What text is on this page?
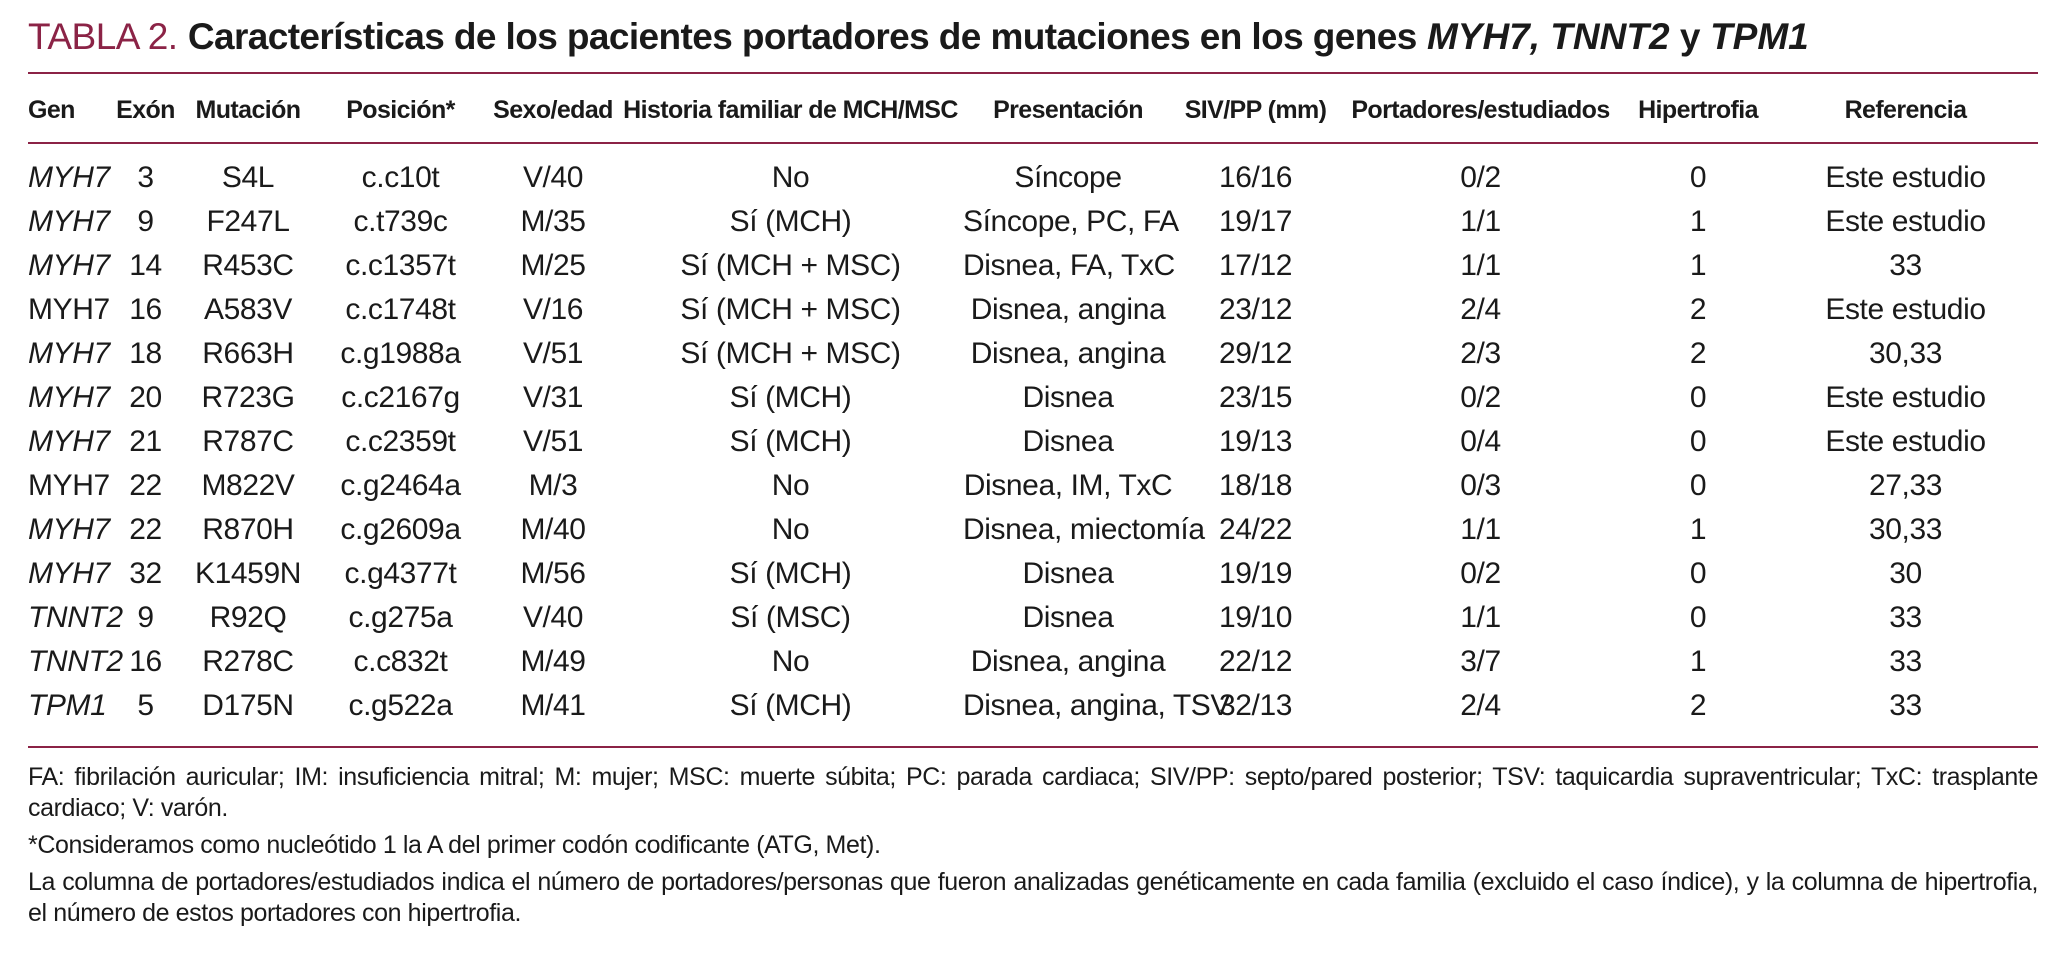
TABLA 2. Características de los pacientes portadores de mutaciones en los genes MYH7, TNNT2 y TPM1
Gen	Exón	Mutación	Posición*	Sexo/edad	Historia familiar de MCH/MSC	Presentación	SIV/PP (mm)	Portadores/estudiados	Hipertrofia	Referencia
MYH7	3	S4L	c.c10t	V/40	No	Síncope	16/16	0/2	0	Este estudio
MYH7	9	F247L	c.t739c	M/35	Sí (MCH)	Síncope, PC, FA	19/17	1/1	1	Este estudio
MYH7	14	R453C	c.c1357t	M/25	Sí (MCH + MSC)	Disnea, FA, TxC	17/12	1/1	1	33
MYH7	16	A583V	c.c1748t	V/16	Sí (MCH + MSC)	Disnea, angina	23/12	2/4	2	Este estudio
MYH7	18	R663H	c.g1988a	V/51	Sí (MCH + MSC)	Disnea, angina	29/12	2/3	2	30,33
MYH7	20	R723G	c.c2167g	V/31	Sí (MCH)	Disnea	23/15	0/2	0	Este estudio
MYH7	21	R787C	c.c2359t	V/51	Sí (MCH)	Disnea	19/13	0/4	0	Este estudio
MYH7	22	M822V	c.g2464a	M/3	No	Disnea, IM, TxC	18/18	0/3	0	27,33
MYH7	22	R870H	c.g2609a	M/40	No	Disnea, miectomía	24/22	1/1	1	30,33
MYH7	32	K1459N	c.g4377t	M/56	Sí (MCH)	Disnea	19/19	0/2	0	30
TNNT2	9	R92Q	c.g275a	V/40	Sí (MSC)	Disnea	19/10	1/1	0	33
TNNT2	16	R278C	c.c832t	M/49	No	Disnea, angina	22/12	3/7	1	33
TPM1	5	D175N	c.g522a	M/41	Sí (MCH)	Disnea, angina, TSV	32/13	2/4	2	33
FA: fibrilación auricular; IM: insuficiencia mitral; M: mujer; MSC: muerte súbita; PC: parada cardiaca; SIV/PP: septo/pared posterior; TSV: taquicardia supraventricular; TxC: trasplante cardiaco; V: varón.
*Consideramos como nucleótido 1 la A del primer codón codificante (ATG, Met).
La columna de portadores/estudiados indica el número de portadores/personas que fueron analizadas genéticamente en cada familia (excluido el caso índice), y la columna de hipertrofia, el número de estos portadores con hipertrofia.
